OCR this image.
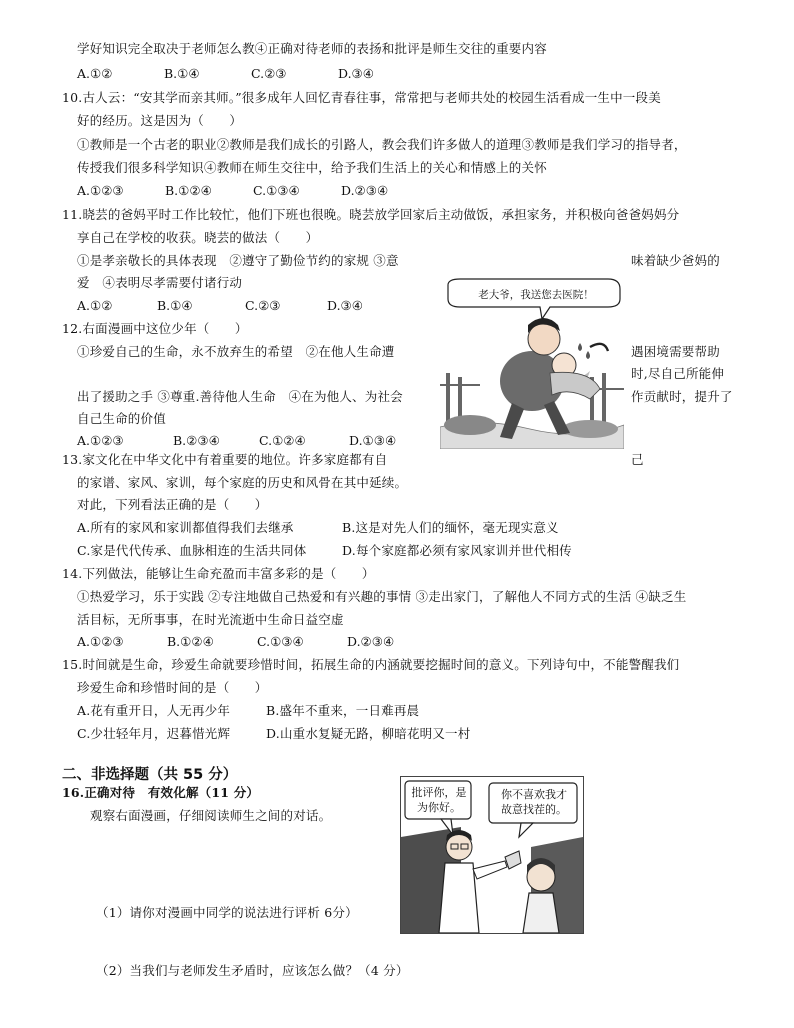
学好知识完全取决于老师怎么教④正确对待老师的表扬和批评是师生交往的重要内容
A.①②	B.①④	C.②③	D.③④
10.古人云：“安其学而亲其师。”很多成年人回忆青春往事，常常把与老师共处的校园生活看成一生中一段美
好的经历。这是因为（　　）
①教师是一个古老的职业②教师是我们成长的引路人，教会我们许多做人的道理③教师是我们学习的指导者，
传授我们很多科学知识④教师在师生交往中，给予我们生活上的关心和情感上的关怀
A.①②③	B.①②④	C.①③④	D.②③④
11.晓芸的爸妈平时工作比较忙，他们下班也很晚。晓芸放学回家后主动做饭，承担家务，并积极向爸爸妈妈分
享自己在学校的收获。晓芸的做法（　　）
①是孝亲敬长的具体表现　②遵守了勤俭节约的家规 ③意	味着缺少爸妈的
爱　④表明尽孝需要付诸行动
A.①②	B.①④	C.②③	D.③④
12.右面漫画中这位少年（　　）
①珍爱自己的生命，永不放弃生的希望　②在他人生命遭	遇困境需要帮助
时,尽自己所能伸
出了援助之手 ③尊重.善待他人生命　④在为他人、为社会	作贡献时，提升了
自己生命的价值
A.①②③	B.②③④	C.①②④	D.①③④
老大爷，我送您去医院！
13.家文化在中华文化中有着重要的地位。许多家庭都有自	己
的家谱、家风、家训，每个家庭的历史和风骨在其中延续。
对此，下列看法正确的是（　　）
A.所有的家风和家训都值得我们去继承	B.这是对先人们的缅怀，毫无现实意义
C.家是代代传承、血脉相连的生活共同体	D.每个家庭都必须有家风家训并世代相传
14.下列做法，能够让生命充盈而丰富多彩的是（　　）
①热爱学习，乐于实践 ②专注地做自己热爱和有兴趣的事情 ③走出家门，了解他人不同方式的生活 ④缺乏生
活目标，无所事事，在时光流逝中生命日益空虚
A.①②③	B.①②④	C.①③④	D.②③④
15.时间就是生命，珍爱生命就要珍惜时间，拓展生命的内涵就要挖掘时间的意义。下列诗句中，不能警醒我们
珍爱生命和珍惜时间的是（　　）
A.花有重开日，人无再少年	B.盛年不重来，一日难再晨
C.少壮轻年月，迟暮惜光辉	D.山重水复疑无路，柳暗花明又一村
二、非选择题（共 55 分）
16.正确对待　有效化解（11 分）
观察右面漫画，仔细阅读师生之间的对话。
批评你，是
为你好。
你不喜欢我才
故意找茬的。
（1）请你对漫画中同学的说法进行评析 6分）
（2）当我们与老师发生矛盾时，应该怎么做？（4 分）
